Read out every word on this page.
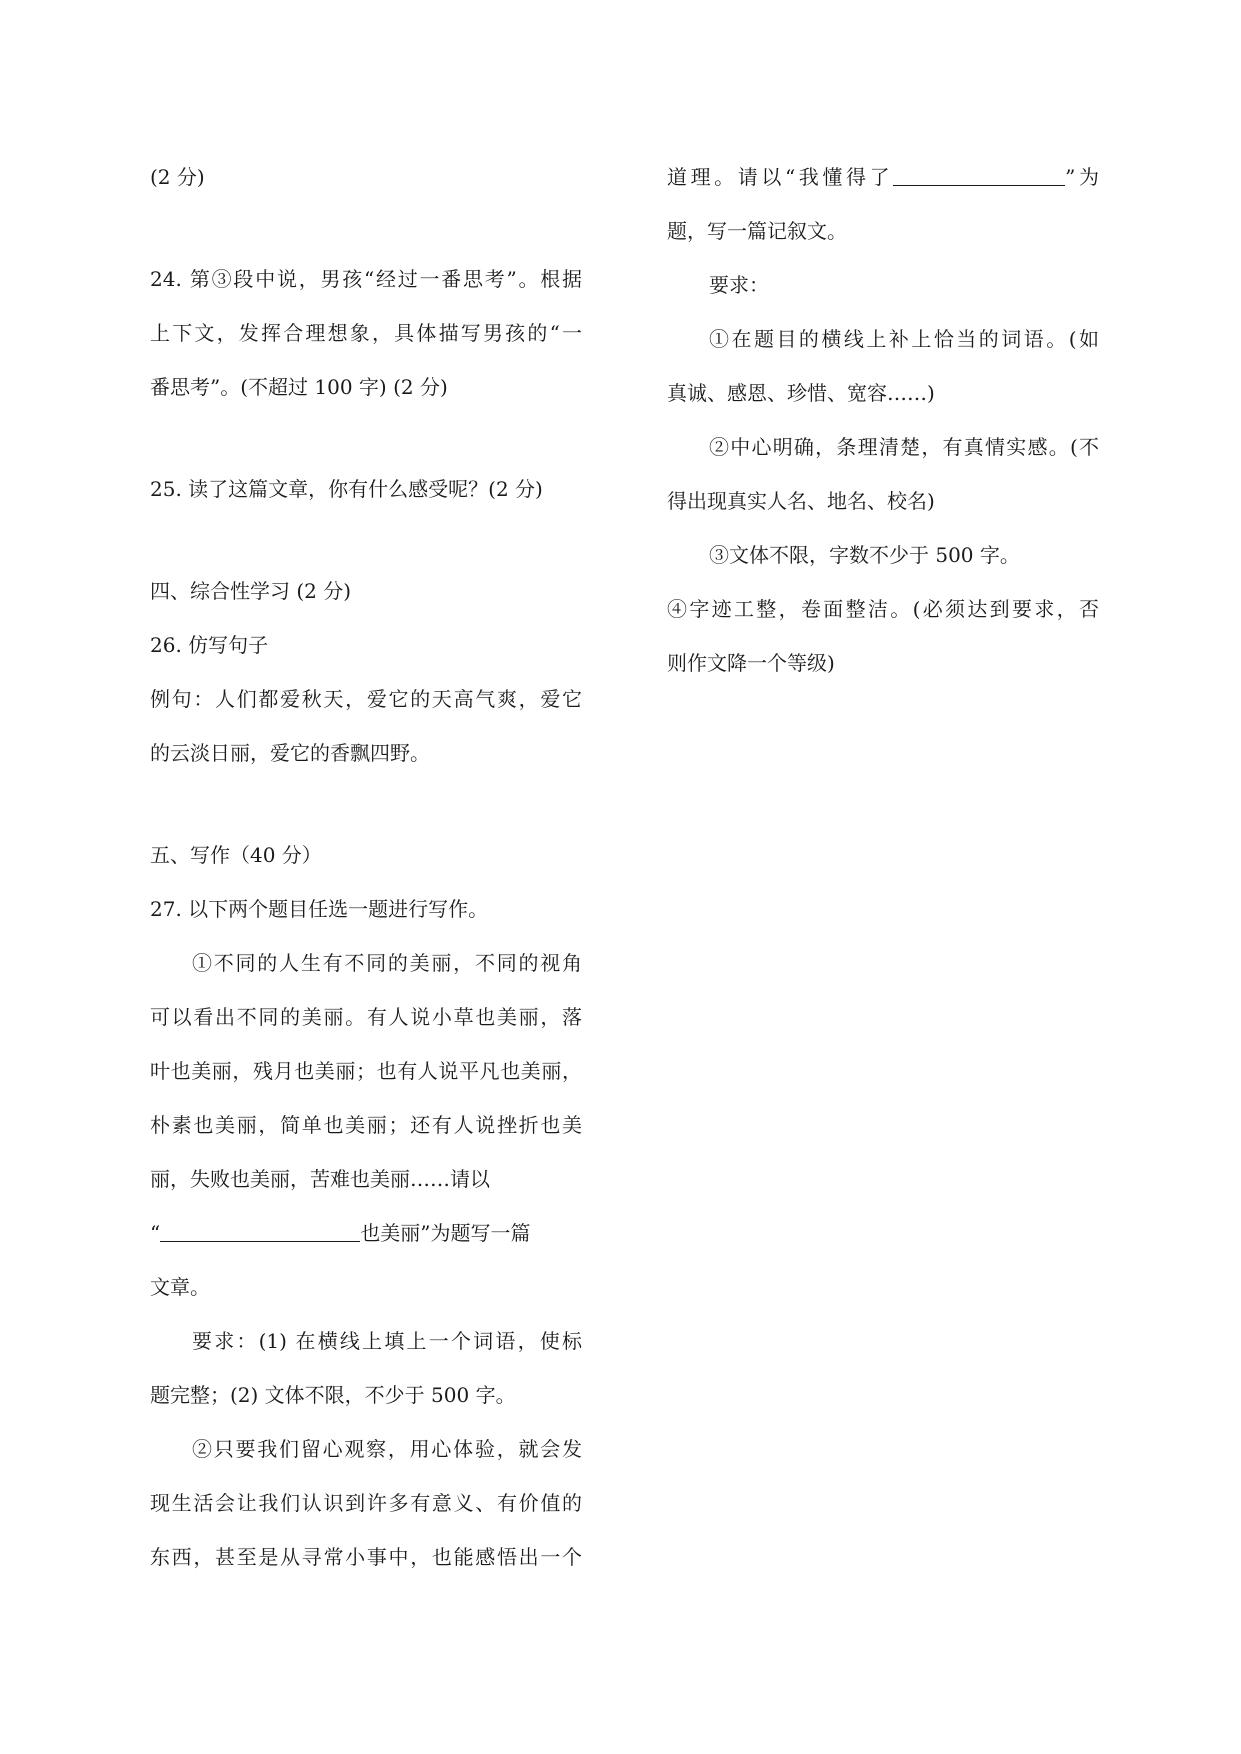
(2 分)
24. 第③段中说，男孩“经过一番思考”。根据
上下文，发挥合理想象，具体描写男孩的“一
番思考”。(不超过 100 字) (2 分)
25. 读了这篇文章，你有什么感受呢？(2 分)
四、综合性学习 (2 分)
26. 仿写句子
例句：人们都爱秋天，爱它的天高气爽，爱它
的云淡日丽，爱它的香飘四野。
五、写作（40 分）
27. 以下两个题目任选一题进行写作。
①不同的人生有不同的美丽，不同的视角
可以看出不同的美丽。有人说小草也美丽，落
叶也美丽，残月也美丽；也有人说平凡也美丽，
朴素也美丽，简单也美丽；还有人说挫折也美
丽，失败也美丽，苦难也美丽……请以
“	也美丽”为题写一篇
文章。
要求：(1) 在横线上填上一个词语，使标
题完整；(2) 文体不限，不少于 500 字。
②只要我们留心观察，用心体验，就会发
现生活会让我们认识到许多有意义、有价值的
东西，甚至是从寻常小事中，也能感悟出一个
道理。请以“我懂得了	”为
题，写一篇记叙文。
要求：
①在题目的横线上补上恰当的词语。(如
真诚、感恩、珍惜、宽容……)
②中心明确，条理清楚，有真情实感。(不
得出现真实人名、地名、校名)
③文体不限，字数不少于 500 字。
④字迹工整，卷面整洁。(必须达到要求，否
则作文降一个等级)
